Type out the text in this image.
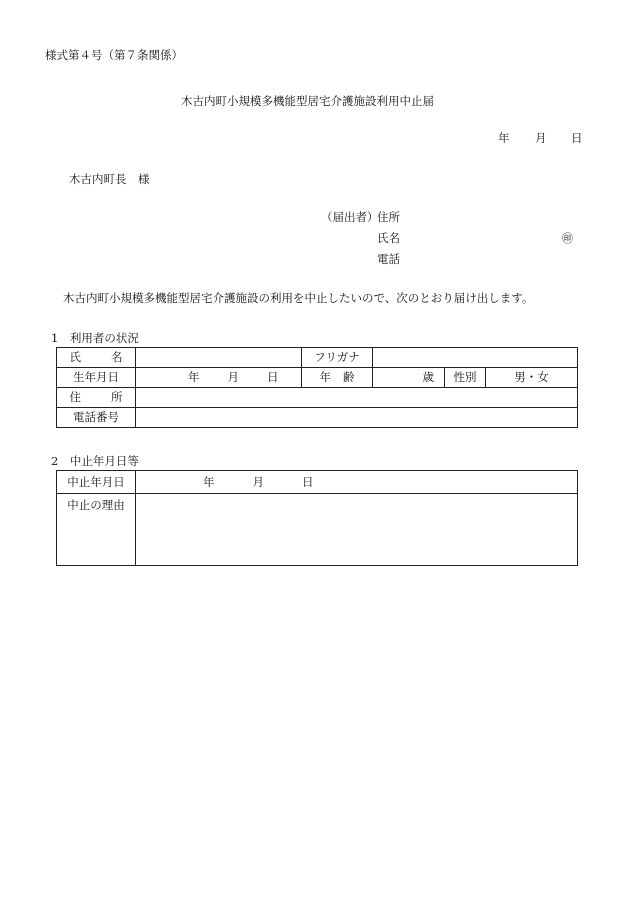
様式第４号（第７条関係）
木古内町小規模多機能型居宅介護施設利用中止届
年 月 日
木古内町長　様
（届出者）
住所
氏名	㊞
電話
木古内町小規模多機能型居宅介護施設の利用を中止したいので、次のとおり届け出します。
1　利用者の状況
氏 名		フリガナ			
生年月日	年 月 日	年 齢	歳	性別	男・女
住 所					
電話番号					
2　中止年月日等
中止年月日	年 月 日
中止の理由	
